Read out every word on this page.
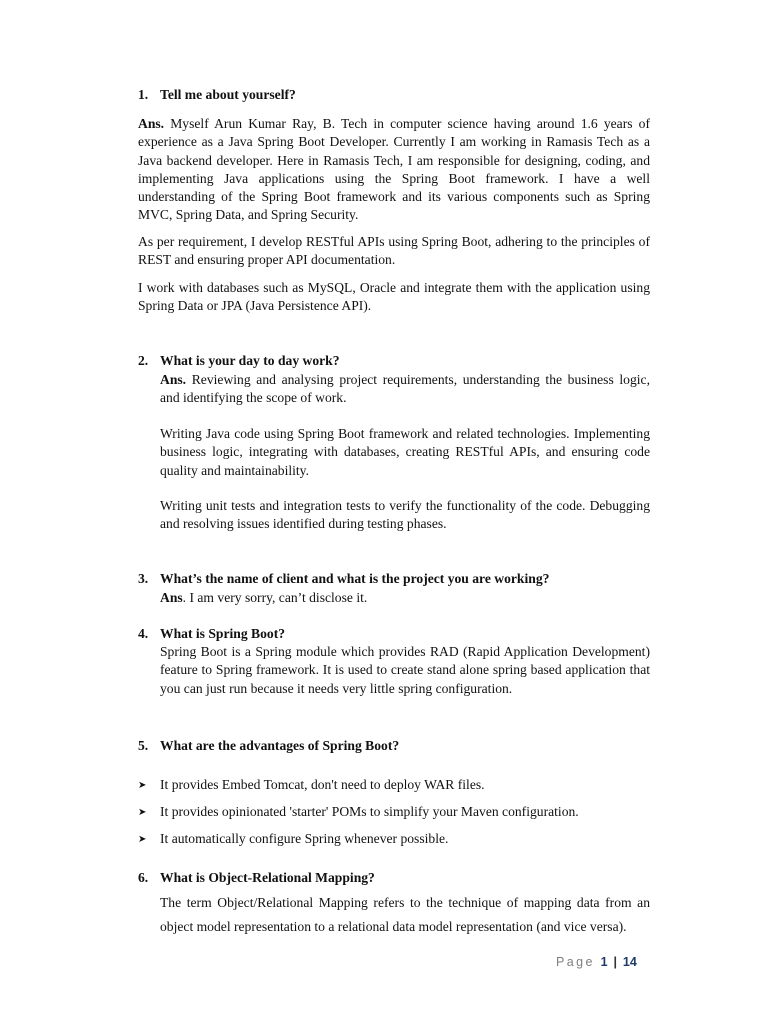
1. Tell me about yourself?
Ans. Myself Arun Kumar Ray, B. Tech in computer science having around 1.6 years of experience as a Java Spring Boot Developer. Currently I am working in Ramasis Tech as a Java backend developer. Here in Ramasis Tech, I am responsible for designing, coding, and implementing Java applications using the Spring Boot framework. I have a well understanding of the Spring Boot framework and its various components such as Spring MVC, Spring Data, and Spring Security.
As per requirement, I develop RESTful APIs using Spring Boot, adhering to the principles of REST and ensuring proper API documentation.
I work with databases such as MySQL, Oracle and integrate them with the application using Spring Data or JPA (Java Persistence API).
2. What is your day to day work?
Ans. Reviewing and analysing project requirements, understanding the business logic, and identifying the scope of work.
Writing Java code using Spring Boot framework and related technologies. Implementing business logic, integrating with databases, creating RESTful APIs, and ensuring code quality and maintainability.
Writing unit tests and integration tests to verify the functionality of the code. Debugging and resolving issues identified during testing phases.
3. What’s the name of client and what is the project you are working?
Ans. I am very sorry, can’t disclose it.
4. What is Spring Boot?
Spring Boot is a Spring module which provides RAD (Rapid Application Development) feature to Spring framework. It is used to create stand alone spring based application that you can just run because it needs very little spring configuration.
5. What are the advantages of Spring Boot?
➤ It provides Embed Tomcat, don't need to deploy WAR files.
➤ It provides opinionated 'starter' POMs to simplify your Maven configuration.
➤ It automatically configure Spring whenever possible.
6. What is Object-Relational Mapping?
The term Object/Relational Mapping refers to the technique of mapping data from an object model representation to a relational data model representation (and vice versa).
Page 1 | 14
